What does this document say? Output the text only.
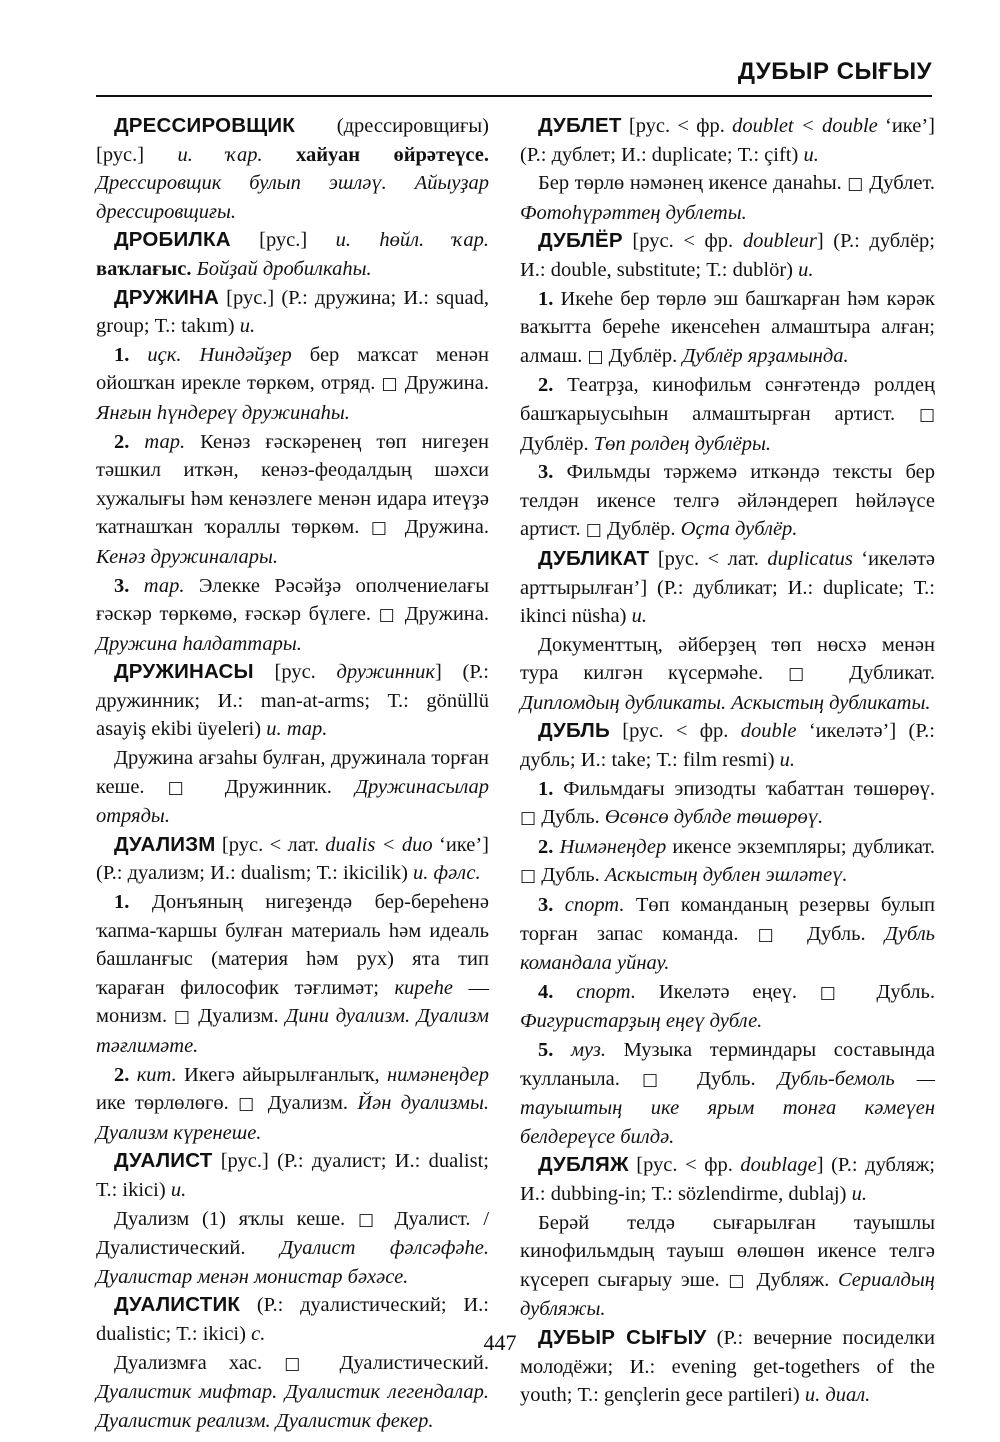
ДУБЫР СЫҒЫУ

ДРЕССИРОВЩИК (дрессировщиғы) [рус.] и. ҡар. хайуан өйрәтеүсе. Дрессировщик булып эшләү. Айыуҙар дрессировщиғы.

ДРОБИЛКА [рус.] и. һөйл. ҡар. ваҡлағыс. Бойҙай дробилкаһы.

ДРУЖИНА [рус.] (Р.: дружина; И.: squad, group; Т.: takım) и.

1. иҫк. Ниндәйҙер бер маҡсат менән ойошҡан ирекле төркөм, отряд. □ Дружина. Янғын һүндереү дружинаһы.

2. тар. Кенәз ғәскәренең төп нигеҙен тәшкил иткән, кенәз-феодалдың шәхси хужалығы һәм кенәзлеге менән идара итеүҙә ҡатнашҡан ҡораллы төркөм. □ Дружина. Кенәз дружиналары.

3. тар. Элекке Рәсәйҙә ополчениелағы ғәскәр төркөмө, ғәскәр бүлеге. □ Дружина. Дружина һалдаттары.

ДРУЖИНАСЫ [рус. дружинник] (Р.: дружинник; И.: man-at-arms; Т.: gönüllü asayiş ekibi üyeleri) и. тар.

Дружина ағзаһы булған, дружинала торған кеше. □ Дружинник. Дружинасылар отряды.

ДУАЛИЗМ [рус. < лат. dualis < duo ‘ике’] (Р.: дуализм; И.: dualism; Т.: ikicilik) и. фәлс.

1. Донъяның нигеҙендә бер-береһенә ҡапма-ҡаршы булған материаль һәм идеаль башланғыс (материя һәм рух) ята тип ҡараған философик тәғлимәт; киреһе — монизм. □ Дуализм. Дини дуализм. Дуализм тәғлимәте.

2. кит. Икегә айырылғанлыҡ, нимәнеңдер ике төрлөлөгө. □ Дуализм. Йән дуализмы. Дуализм күренеше.

ДУАЛИСТ [рус.] (Р.: дуалист; И.: dualist; Т.: ikici) и.

Дуализм (1) яҡлы кеше. □ Дуалист. / Дуалистический. Дуалист фәлсәфәһе. Дуалистар менән монистар бәхәсе.

ДУАЛИСТИК (Р.: дуалистический; И.: dualistic; Т.: ikici) с.

Дуализмға хас. □ Дуалистический. Дуалистик мифтар. Дуалистик легендалар. Дуалистик реализм. Дуалистик фекер.

ДУБЛЕТ [рус. < фр. doublet < double ‘ике’] (Р.: дублет; И.: duplicate; Т.: çift) и.

Бер төрлө нәмәнең икенсе данаһы. □ Дублет. Фотоһүрәттең дублеты.

ДУБЛЁР [рус. < фр. doubleur] (Р.: дублёр; И.: double, substitute; Т.: dublör) и.

1. Икеһе бер төрлө эш башҡарған һәм кәрәк ваҡытта береһе икенсеһен алмаштыра алған; алмаш. □ Дублёр. Дублёр ярҙамында.

2. Театрҙа, кинофильм сәнғәтендә ролдең башҡарыусыһын алмаштырған артист. □ Дублёр. Төп ролдең дублёры.

3. Фильмды тәржемә иткәндә тексты бер телдән икенсе телгә әйләндереп һөйләүсе артист. □ Дублёр. Оҫта дублёр.

ДУБЛИКАТ [рус. < лат. duplicatus ‘икеләтә арттырылған’] (Р.: дубликат; И.: duplicate; Т.: ikinci nüsha) и.

Документтың, әйберҙең төп нөсхә менән тура килгән күсермәһе. □ Дубликат. Дипломдың дубликаты. Аскыстың дубликаты.

ДУБЛЬ [рус. < фр. double ‘икеләтә’] (Р.: дубль; И.: take; Т.: film resmi) и.

1. Фильмдағы эпизодты ҡабаттан төшөрөү. □ Дубль. Өсөнсө дублде төшөрөү.

2. Нимәнеңдер икенсе экземпляры; дубликат. □ Дубль. Аскыстың дублен эшләтеү.

3. спорт. Төп команданың резервы булып торған запас команда. □ Дубль. Дубль командала уйнау.

4. спорт. Икеләтә еңеү. □ Дубль. Фигуристарҙың еңеү дубле.

5. муз. Музыка терминдары составында ҡулланыла. □ Дубль. Дубль-бемоль — тауыштың ике ярым тонға кәмеүен белдереүсе билдә.

ДУБЛЯЖ [рус. < фр. doublage] (Р.: дубляж; И.: dubbing-in; Т.: sözlendirme, dublaj) и.

Берәй телдә сығарылған тауышлы кинофильмдың тауыш өлөшөн икенсе телгә күсереп сығарыу эше. □ Дубляж. Сериалдың дубляжы.

ДУБЫР СЫҒЫУ (Р.: вечерние посиделки молодёжи; И.: evening get-togethers of the youth; Т.: gençlerin gece partileri) и. диал.

447
